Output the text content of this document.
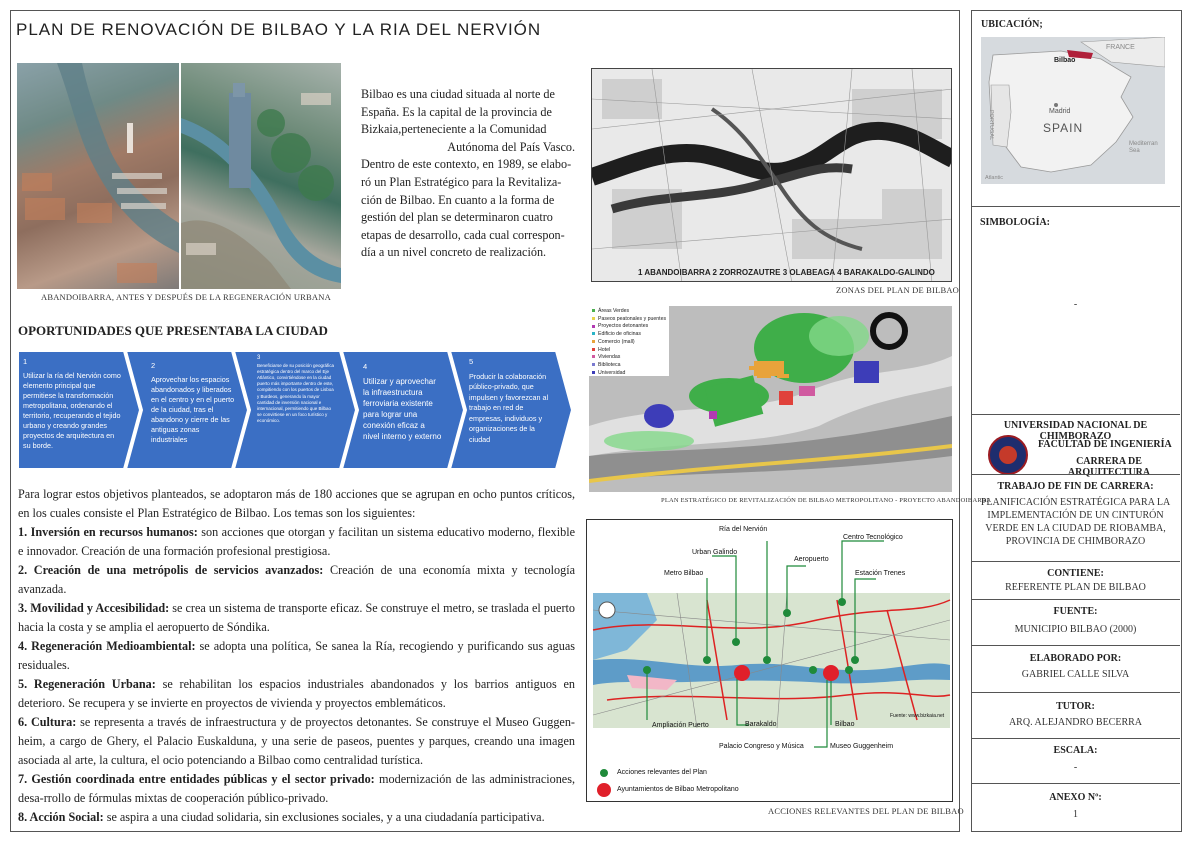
PLAN DE RENOVACIÓN DE BILBAO Y LA RIA DEL NERVIÓN
ABANDOIBARRA, ANTES Y DESPUÉS DE LA REGENERACIÓN URBANA

Bilbao es una ciudad situada al norte de

España. Es la capital de la provincia de

Bizkaia,perteneciente a la Comunidad

Autónoma del País Vasco.

Dentro de este contexto, en 1989, se elabo-

ró un Plan Estratégico para la Revitaliza-

ción de Bilbao. En cuanto a la forma de

gestión del plan se determinaron cuatro

etapas de desarrollo, cada cual correspon-

día a un nivel concreto de realización.

OPORTUNIDADES QUE PRESENTABA LA CIUDAD
1
Utilizar la ría del Nervión como elemento principal que permitiese la transformación metropolitana, ordenando el territorio, recuperando el tejido urbano y creando grandes proyectos de arquitectura en su borde.
2
Aprovechar los espacios abandonados y liberados en el centro y en el puerto de la ciudad, tras el abandono y cierre de las antiguas zonas industriales
3
Beneficiarse de su posición geográfica estratégica dentro del marco del Eje Atlántico, convirtiéndose en la ciudad puerto más importante dentro de este, compitiendo con los puertos de Lisboa y Burdeos, generando la mayor cantidad de inversión nacional e internacional, permitiendo que Bilbao se convirtiese en un foco turístico y económico.
4
Utilizar y aprovechar la infraestructura ferroviaria existente para lograr una conexión eficaz a nivel interno y externo
5
Producir la colaboración público-privado, que impulsen y favorezcan al trabajo en red de empresas, individuos y organizaciones de la ciudad

Para lograr estos objetivos planteados, se adoptaron más de 180 acciones que se agrupan en ocho puntos críticos, en los cuales consiste el Plan Estratégico de Bilbao. Los temas son los siguientes:

1. Inversión en recursos humanos: son acciones que otorgan y facilitan un sistema educativo moderno, flexible e innovador. Creación de una formación profesional prestigiosa.

2. Creación de una metrópolis de servicios avanzados: Creación de una economía mixta y tecnología avanzada.

3. Movilidad y Accesibilidad: se crea un sistema de transporte eficaz. Se construye el metro, se traslada el puerto hacia la costa y se amplia el aeropuerto de Sóndika.

4. Regeneración Medioambiental: se adopta una política, Se sanea la Ría, recogiendo y purificando sus aguas residuales.

5. Regeneración Urbana: se rehabilitan los espacios industriales abandonados y los barrios antiguos en deterioro. Se recupera y se invierte en proyectos de vivienda y proyectos emblemáticos.

6. Cultura: se representa a través de infraestructura y de proyectos detonantes. Se construye el Museo Guggen-heim, a cargo de Ghery, el Palacio Euskalduna, y una serie de paseos, puentes y parques, creando una imagen asociada al arte, la cultura, el ocio potenciando a Bilbao como centralidad turística.

7. Gestión coordinada entre entidades públicas y el sector privado: modernización de las administraciones, desa-rrollo de fórmulas mixtas de cooperación público-privado.

8. Acción Social: se aspira a una ciudad solidaria, sin exclusiones sociales, y a una ciudadanía participativa.

1 ABANDOIBARRA 2 ZORROZAUTRE 3 OLABEAGA 4 BARAKALDO-GALINDO
ZONAS DEL PLAN DE BILBAO
Áreas Verdes
Paseos peatonales y puentes
Proyectos detonantes
Edificio de oficinas
Comercio (mall)
Hotel
Viviendas
Biblioteca
Universidad
PLAN ESTRATÉGICO DE REVITALIZACIÓN DE BILBAO METROPOLITANO - PROYECTO ABANDOIBARRA
Ría del Nervión
Urban Galindo
Aeropuerto
Centro Tecnológico
Metro Bilbao	Estación Trenes
Ampliación Puerto	Barakaldo	Bilbao
Palacio Congreso y Música	Museo Guggenheim
Fuente: www.bizkaia.net
Acciones relevantes del Plan
Ayuntamientos de Bilbao Metropolitano
ACCIONES RELEVANTES DEL PLAN DE BILBAO
UBICACIÓN;
Bilbao
FRANCE
Madrid
SPAIN
PORTUGAL
Mediterran Sea
Atlantic
SIMBOLOGÍA:
-
UNIVERSIDAD NACIONAL DE CHIMBORAZO
FACULTAD DE INGENIERÍA
CARRERA DE ARQUITECTURA
TRABAJO DE FIN DE CARRERA:
PLANIFICACIÓN ESTRATÉGICA PARA LA IMPLEMENTACIÓN DE UN CINTURÓN VERDE EN LA CIUDAD DE RIOBAMBA, PROVINCIA DE CHIMBORAZO
CONTIENE:
REFERENTE PLAN DE BILBAO
FUENTE:
MUNICIPIO BILBAO (2000)
ELABORADO POR:
GABRIEL CALLE SILVA
TUTOR:
ARQ. ALEJANDRO BECERRA
ESCALA:
-
ANEXO Nº:
1
